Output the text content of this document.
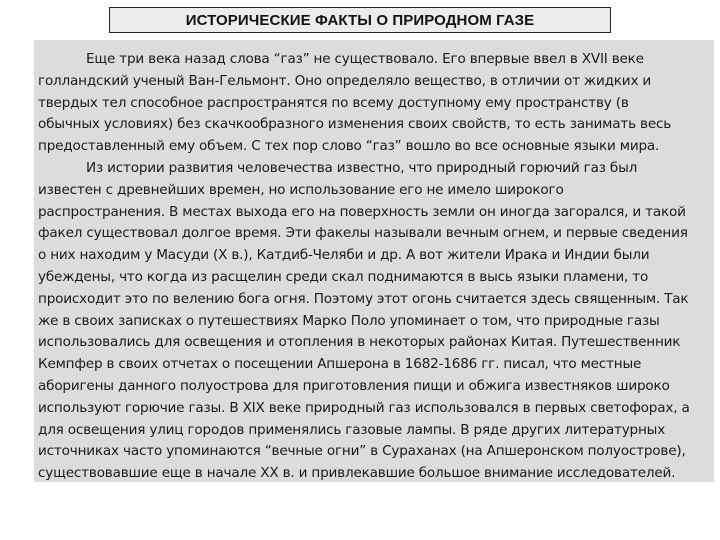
ИСТОРИЧЕСКИЕ ФАКТЫ О ПРИРОДНОМ ГАЗЕ
Еще три века назад слова “газ” не существовало. Его впервые ввел в XVII веке
голландский ученый Ван-Гельмонт. Оно определяло вещество, в отличии от жидких и
твердых тел способное распространятся по всему доступному ему пространству (в
обычных условиях) без скачкообразного изменения своих свойств, то есть занимать весь
предоставленный ему объем. С тех пор слово “газ” вошло во все основные языки мира.
Из истории развития человечества известно, что природный горючий газ был
известен с древнейших времен, но использование его не имело широкого
распространения. В местах выхода его на поверхность земли он иногда загорался, и такой
факел существовал долгое время. Эти факелы называли вечным огнем, и первые сведения
о них находим у Масуди (X в.), Катдиб-Челяби и др. А вот жители Ирака и Индии были
убеждены, что когда из расщелин среди скал поднимаются в высь языки пламени, то
происходит это по велению бога огня. Поэтому этот огонь считается здесь священным. Так
же в своих записках о путешествиях Марко Поло упоминает о том, что природные газы
использовались для освещения и отопления в некоторых районах Китая. Путешественник
Кемпфер в своих отчетах о посещении Апшерона в 1682-1686 гг. писал, что местные
аборигены данного полуострова для приготовления пищи и обжига известняков широко
используют горючие газы. В XIX веке природный газ использовался в первых светофорах, а
для освещения улиц городов применялись газовые лампы. В ряде других литературных
источниках часто упоминаются “вечные огни” в Сураханах (на Апшеронском полуострове),
существовавшие еще в начале XX в. и привлекавшие большое внимание исследователей.
